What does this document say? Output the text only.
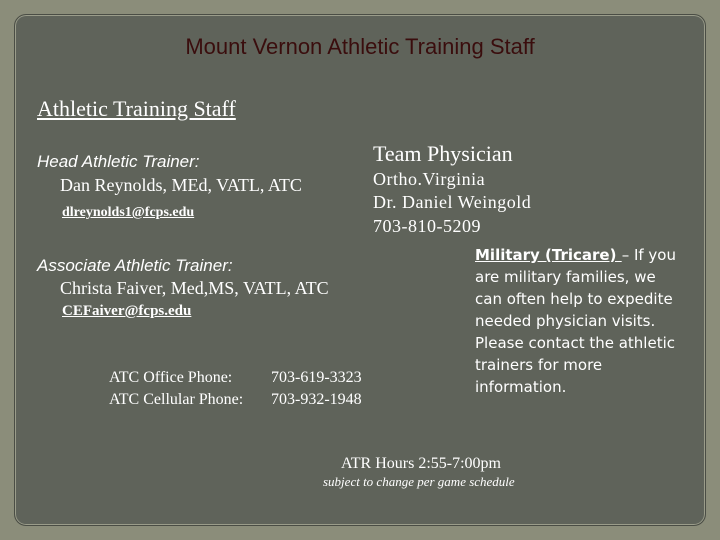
Mount Vernon Athletic Training Staff
Athletic Training Staff
Head Athletic Trainer:
Dan Reynolds, MEd, VATL, ATC
dlreynolds1@fcps.edu
Team Physician
Ortho.Virginia
Dr. Daniel Weingold
703-810-5209
Associate Athletic Trainer:
Christa Faiver, Med,MS, VATL, ATC
CEFaiver@fcps.edu
Military (Tricare) – If you are military families, we can often help to expedite needed physician visits. Please contact the athletic trainers for more information.
ATC Office Phone: 703-619-3323
ATC Cellular Phone: 703-932-1948
ATR Hours 2:55-7:00pm
subject to change per game schedule
